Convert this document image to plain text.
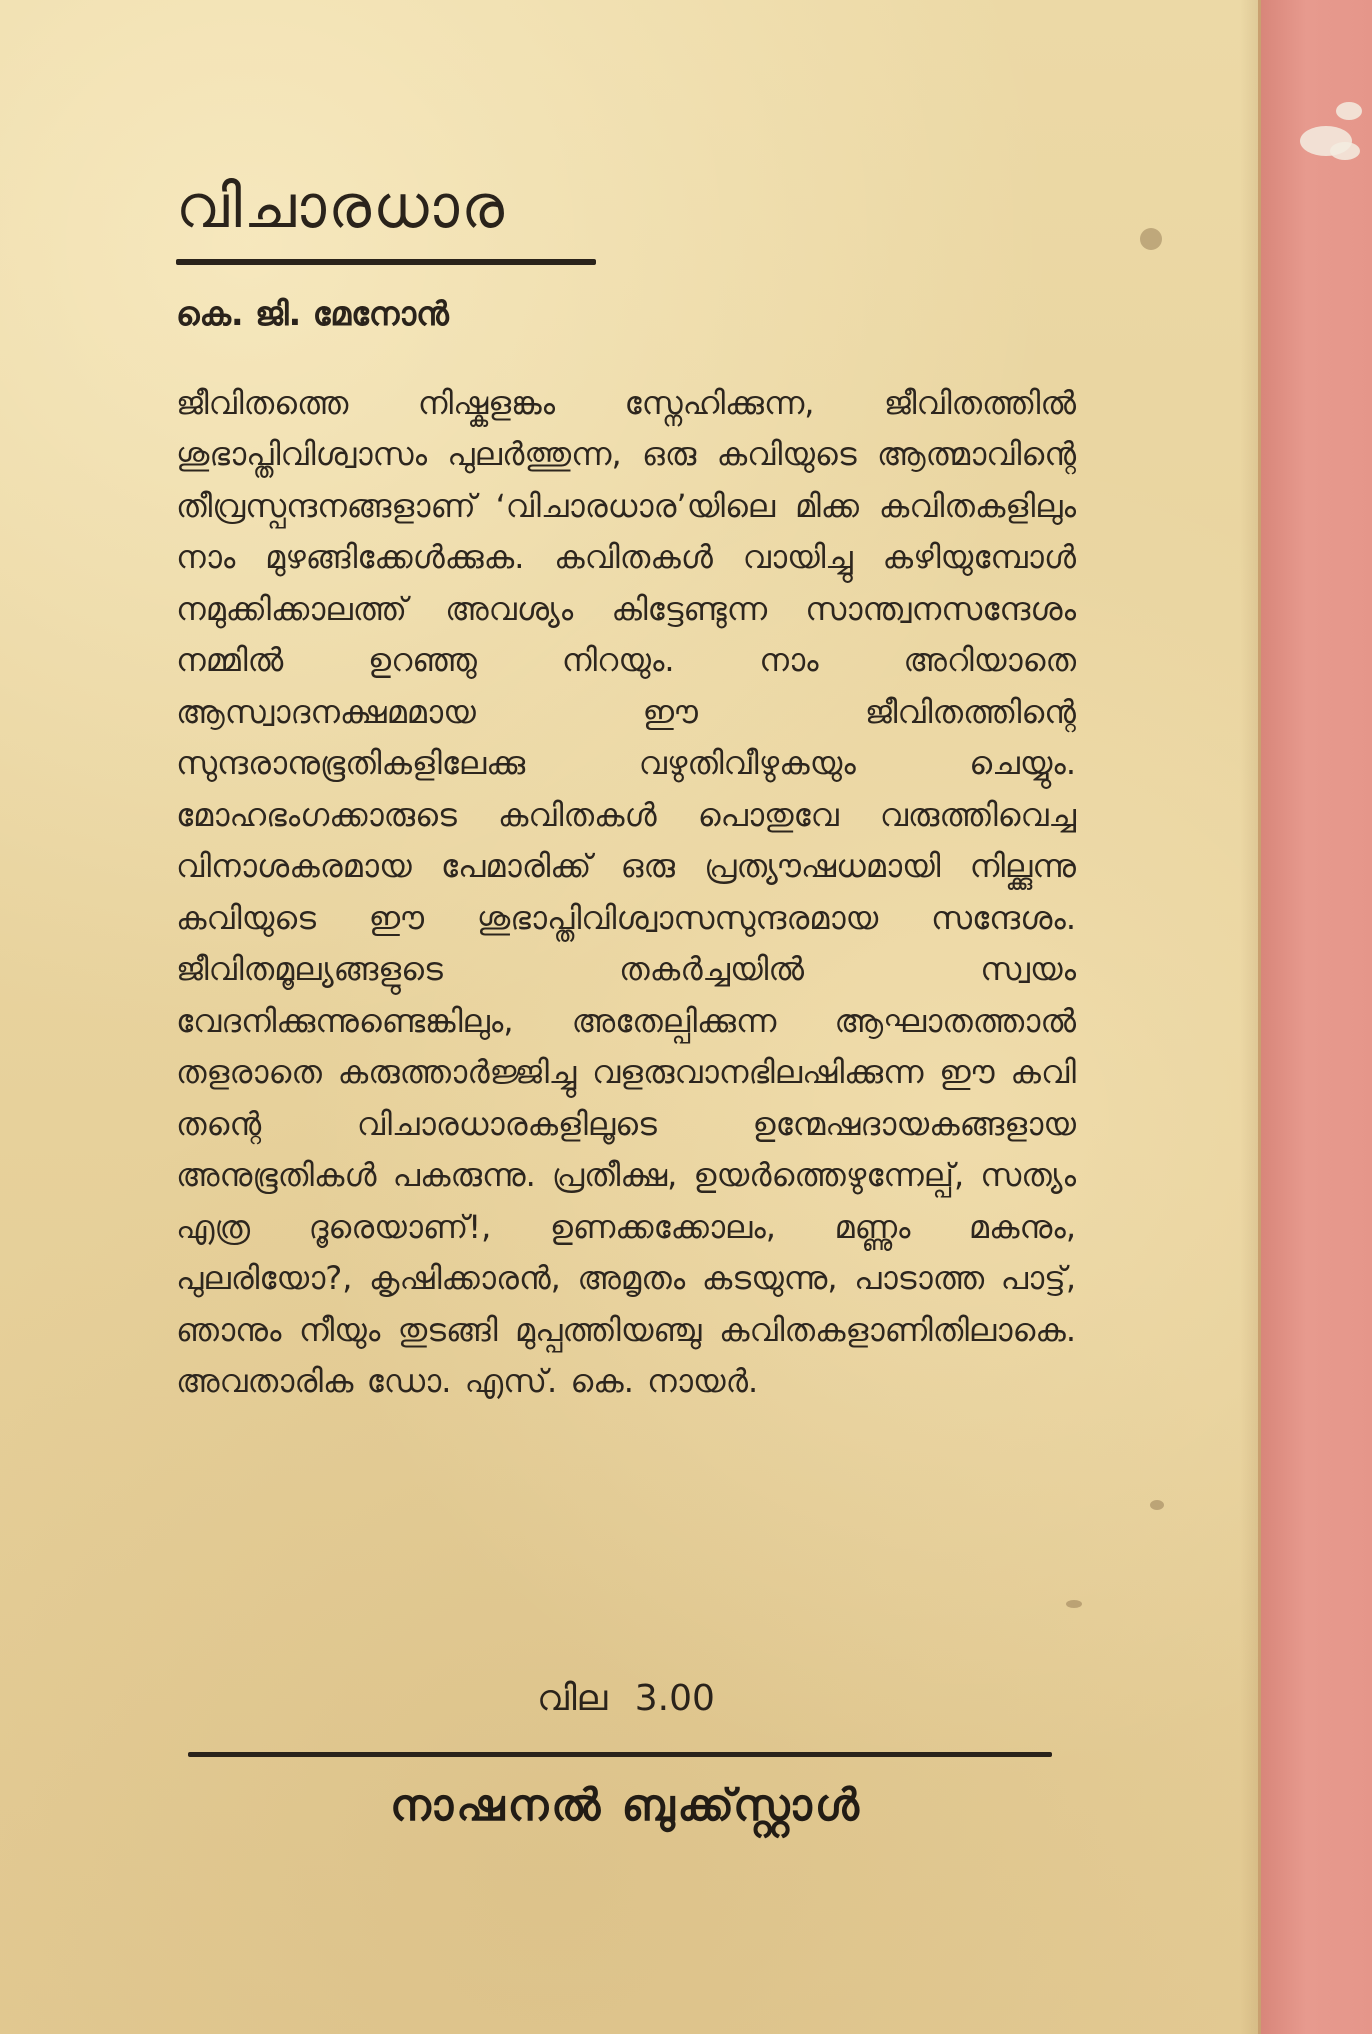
വിചാരധാര
കെ. ജി. മേനോൻ
ജീവിതത്തെ നിഷ്കളങ്കം സ്നേഹിക്കുന്ന, ജീവിതത്തിൽ ശുഭാപ്തിവിശ്വാസം പുലർത്തുന്ന, ഒരു കവിയുടെ ആത്മാവിന്റെ തീവ്രസ്പന്ദനങ്ങളാണ് ‘വിചാരധാര’യിലെ മിക്ക കവിതകളിലും നാം മുഴങ്ങിക്കേൾക്കുക. കവിതകൾ വായിച്ചു കഴിയുമ്പോൾ നമുക്കിക്കാലത്ത് അവശ്യം കിട്ടേണ്ടുന്ന സാന്ത്വനസന്ദേശം നമ്മിൽ ഉറഞ്ഞു നിറയും. നാം അറിയാതെ ആസ്വാദനക്ഷമമായ ഈ ജീവിതത്തിന്റെ സുന്ദരാനുഭൂതികളിലേക്കു വഴുതിവീഴുകയും ചെയ്യും. മോഹഭംഗക്കാരുടെ കവിതകൾ പൊതുവേ വരുത്തിവെച്ച വിനാശകരമായ പേമാരിക്ക് ഒരു പ്രത്യൗഷധമായി നില്ക്കുന്നു കവിയുടെ ഈ ശുഭാപ്തിവിശ്വാസസുന്ദരമായ സന്ദേശം. ജീവിതമൂല്യങ്ങളുടെ തകർച്ചയിൽ സ്വയം വേദനിക്കുന്നുണ്ടെങ്കിലും, അതേല്പിക്കുന്ന ആഘാതത്താൽ തളരാതെ കരുത്താർജ്ജിച്ചു വളരുവാനഭിലഷിക്കുന്ന ഈ കവി തന്റെ വിചാരധാരകളിലൂടെ ഉന്മേഷദായകങ്ങളായ അനുഭൂതികൾ പകരുന്നു. പ്രതീക്ഷ, ഉയർത്തെഴുന്നേല്പ്, സത്യം എത്ര ദൂരെയാണ്!, ഉണക്കക്കോലം, മണ്ണും മകനും, പുലരിയോ?, കൃഷിക്കാരൻ, അമൃതം കടയുന്നു, പാടാത്ത പാട്ട്, ഞാനും നീയും തുടങ്ങി മുപ്പത്തിയഞ്ചു കവിതകളാണിതിലാകെ. അവതാരിക ഡോ. എസ്. കെ. നായർ.
വില 3.00
നാഷനൽ ബുക്ക്സ്റ്റാൾ
